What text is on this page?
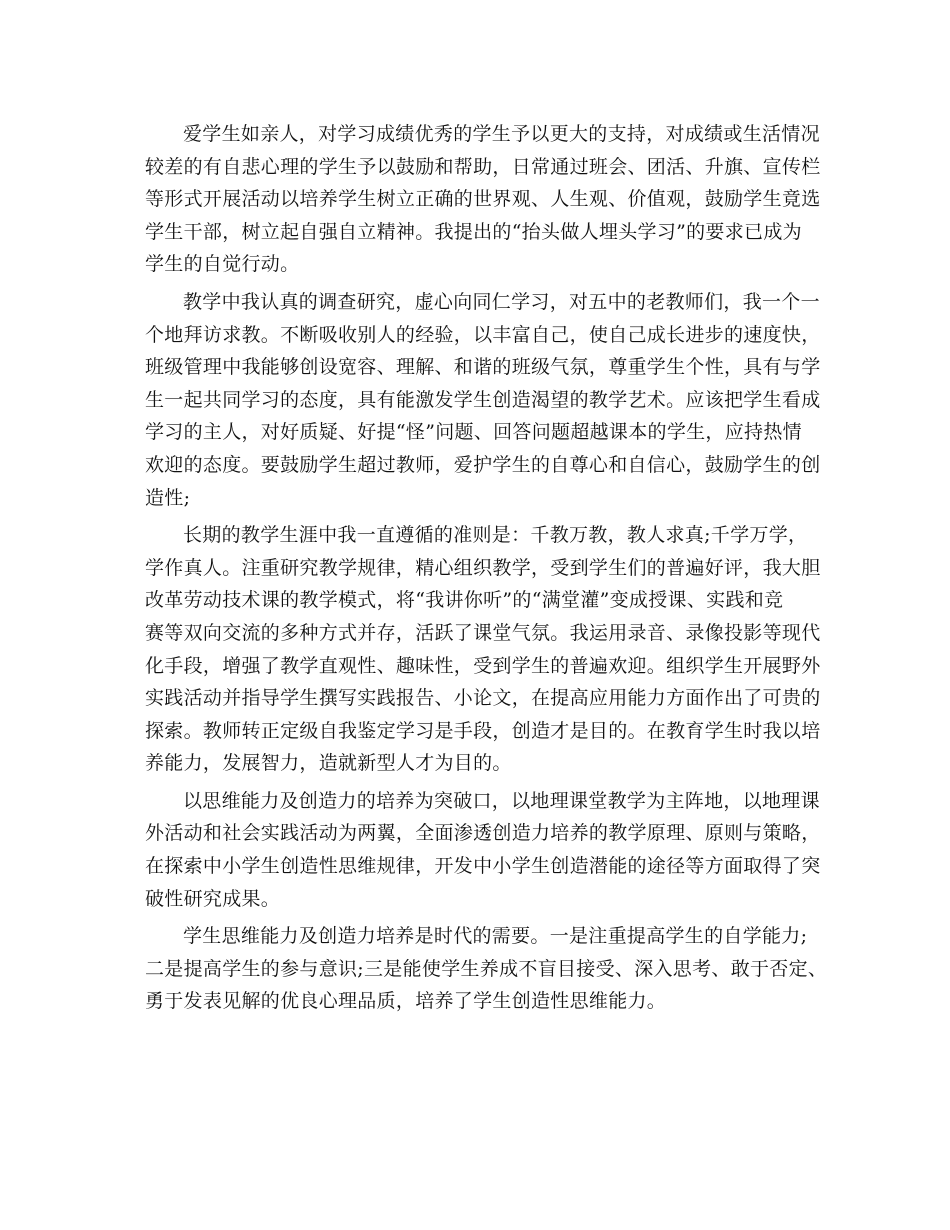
爱学生如亲人，对学习成绩优秀的学生予以更大的支持，对成绩或生活情况
较差的有自悲心理的学生予以鼓励和帮助，日常通过班会、团活、升旗、宣传栏
等形式开展活动以培养学生树立正确的世界观、人生观、价值观，鼓励学生竟选
学生干部，树立起自强自立精神。我提出的“抬头做人埋头学习”的要求已成为
学生的自觉行动。

教学中我认真的调查研究，虚心向同仁学习，对五中的老教师们，我一个一
个地拜访求教。不断吸收别人的经验，以丰富自己，使自己成长进步的速度快，
班级管理中我能够创设宽容、理解、和谐的班级气氛，尊重学生个性，具有与学
生一起共同学习的态度，具有能激发学生创造渴望的教学艺术。应该把学生看成
学习的主人，对好质疑、好提“怪”问题、回答问题超越课本的学生，应持热情
欢迎的态度。要鼓励学生超过教师，爱护学生的自尊心和自信心，鼓励学生的创
造性;

长期的教学生涯中我一直遵循的准则是：千教万教，教人求真;千学万学，
学作真人。注重研究教学规律，精心组织教学，受到学生们的普遍好评，我大胆
改革劳动技术课的教学模式，将“我讲你听”的“满堂灌”变成授课、实践和竞
赛等双向交流的多种方式并存，活跃了课堂气氛。我运用录音、录像投影等现代
化手段，增强了教学直观性、趣味性，受到学生的普遍欢迎。组织学生开展野外
实践活动并指导学生撰写实践报告、小论文，在提高应用能力方面作出了可贵的
探索。教师转正定级自我鉴定学习是手段，创造才是目的。在教育学生时我以培
养能力，发展智力，造就新型人才为目的。

以思维能力及创造力的培养为突破口，以地理课堂教学为主阵地，以地理课
外活动和社会实践活动为两翼，全面渗透创造力培养的教学原理、原则与策略，
在探索中小学生创造性思维规律，开发中小学生创造潜能的途径等方面取得了突
破性研究成果。

学生思维能力及创造力培养是时代的需要。一是注重提高学生的自学能力;
二是提高学生的参与意识;三是能使学生养成不盲目接受、深入思考、敢于否定、
勇于发表见解的优良心理品质，培养了学生创造性思维能力。
